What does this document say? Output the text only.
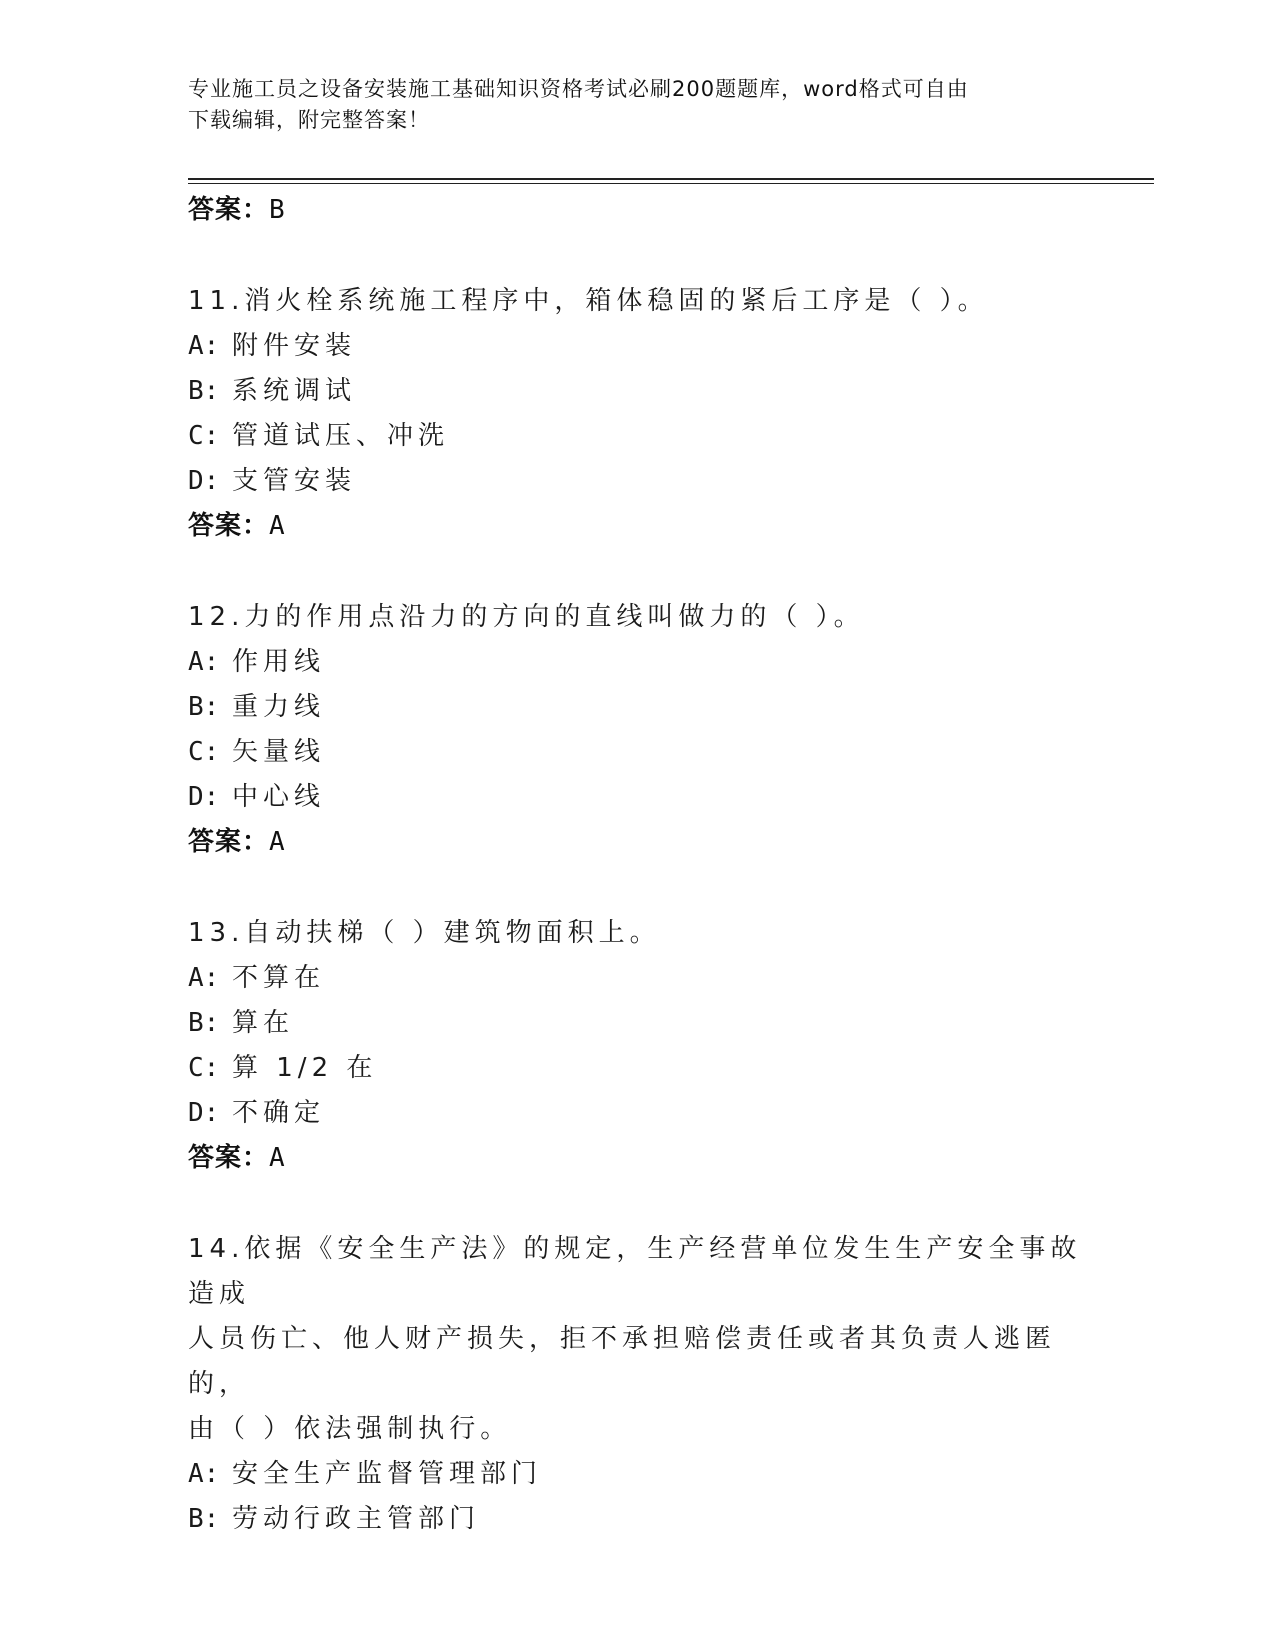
专业施工员之设备安装施工基础知识资格考试必刷200题题库，word格式可自由
下载编辑，附完整答案！
答案：B
11.消火栓系统施工程序中，箱体稳固的紧后工序是（ ）。
A: 附件安装
B: 系统调试
C: 管道试压、冲洗
D: 支管安装
答案：A
12.力的作用点沿力的方向的直线叫做力的（ ）。
A: 作用线
B: 重力线
C: 矢量线
D: 中心线
答案：A
13.自动扶梯（ ）建筑物面积上。
A: 不算在
B: 算在
C: 算 1/2 在
D: 不确定
答案：A
14.依据《安全生产法》的规定，生产经营单位发生生产安全事故造成
人员伤亡、他人财产损失，拒不承担赔偿责任或者其负责人逃匿的，
由（ ）依法强制执行。
A: 安全生产监督管理部门
B: 劳动行政主管部门
